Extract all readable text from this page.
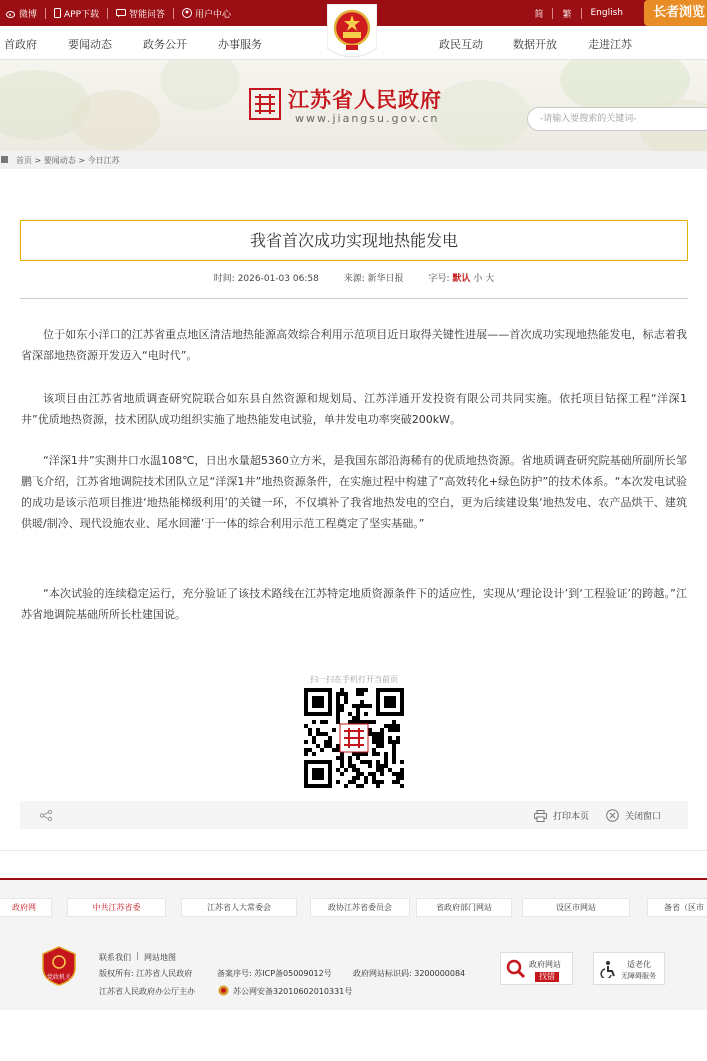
微博	APP下载	智能问答	用户中心	简 繁 English	长者浏览
首政府	要闻动态	政务公开	办事服务	政民互动	数据开放	走进江苏
江苏省人民政府
www.jiangsu.gov.cn	-请输入要搜索的关键词-
首页 > 要闻动态 > 今日江苏
我省首次成功实现地热能发电
时间: 2026-01-03 06:58	来源: 新华日报	字号: 默认 小 大

位于如东小洋口的江苏省重点地区清洁地热能源高效综合利用示范项目近日取得关键性进展——首次成功实现地热能发电，标志着我省深部地热资源开发迈入“电时代”。

该项目由江苏省地质调查研究院联合如东县自然资源和规划局、江苏洋通开发投资有限公司共同实施。依托项目钻探工程“洋深1井”优质地热资源，技术团队成功组织实施了地热能发电试验，单井发电功率突破200kW。

“洋深1井”实测井口水温108℃，日出水量超5360立方米，是我国东部沿海稀有的优质地热资源。省地质调查研究院基础所副所长邹鹏飞介绍，江苏省地调院技术团队立足“洋深1井”地热资源条件，在实施过程中构建了“高效转化+绿色防护”的技术体系。“本次发电试验的成功是该示范项目推进‘地热能梯级利用’的关键一环，不仅填补了我省地热发电的空白，更为后续建设集‘地热发电、农产品烘干、建筑供暖/制冷、现代设施农业、尾水回灌’于一体的综合利用示范工程奠定了坚实基础。”

“本次试验的连续稳定运行，充分验证了该技术路线在江苏特定地质资源条件下的适应性，实现从‘理论设计’到‘工程验证’的跨越。”江苏省地调院基础所所长杜建国说。

扫一扫在手机打开当前页
打印本页	关闭窗口
政府网	中共江苏省委	江苏省人大常委会	政协江苏省委员会	省政府部门网站	设区市网站	备省（区市
党政机关
联系我们 网站地图
版权所有: 江苏省人民政府	备案序号: 苏ICP备05009012号	政府网站标识码: 3200000084
江苏省人民政府办公厅主办	苏公网安备32010602010331号
政府网站
找错
适老化
无障碍服务
